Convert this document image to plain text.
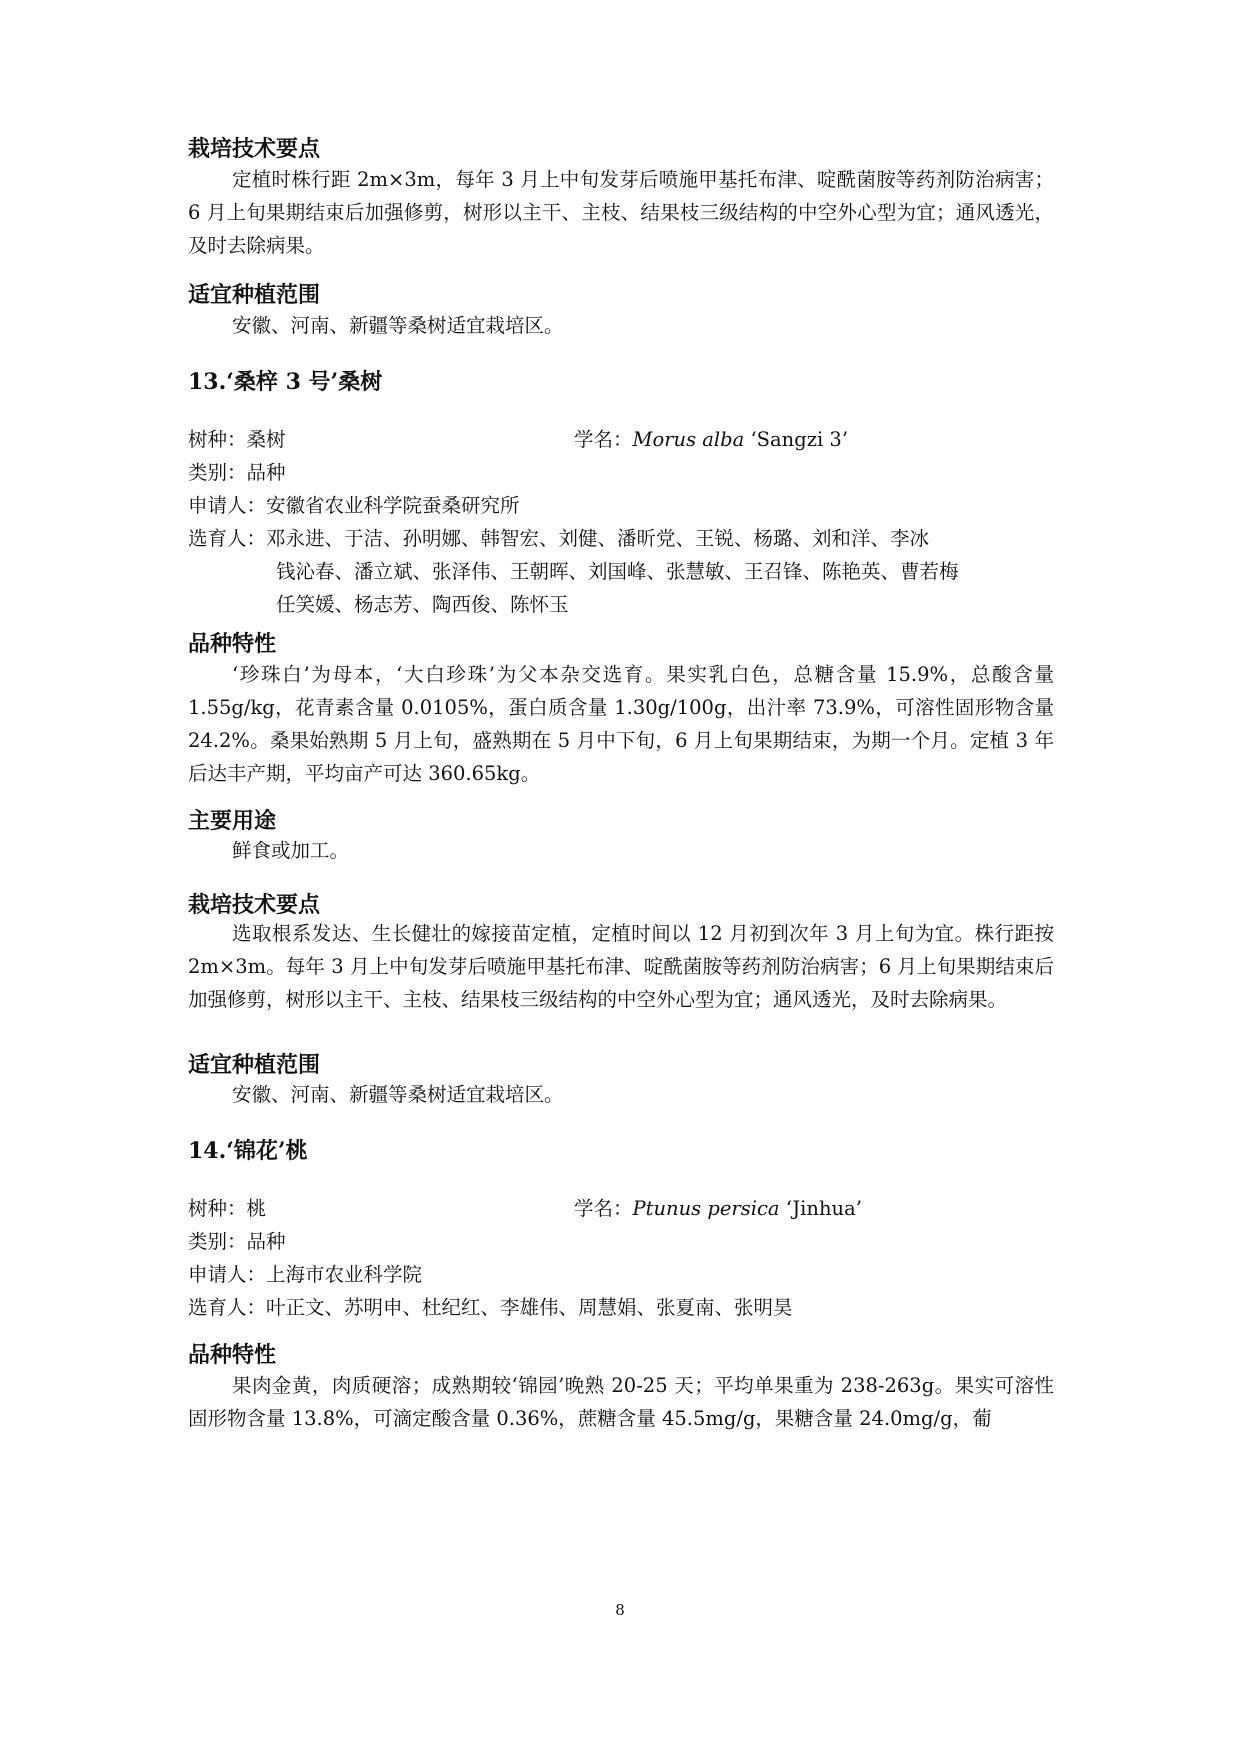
栽培技术要点

定植时株行距 2m×3m，每年 3 月上中旬发芽后喷施甲基托布津、啶酰菌胺等药剂防治病害；6 月上旬果期结束后加强修剪，树形以主干、主枝、结果枝三级结构的中空外心型为宜；通风透光，及时去除病果。

适宜种植范围

安徽、河南、新疆等桑树适宜栽培区。

13.‘桑梓 3 号’桑树
树种：桑树	学名：Morus alba ‘Sangzi 3’
类别：品种
申请人：安徽省农业科学院蚕桑研究所
选育人：邓永进、于洁、孙明娜、韩智宏、刘健、潘昕党、王锐、杨璐、刘和洋、李冰
钱沁春、潘立斌、张泽伟、王朝晖、刘国峰、张慧敏、王召锋、陈艳英、曹若梅
任笑媛、杨志芳、陶西俊、陈怀玉
品种特性

‘珍珠白’为母本，‘大白珍珠’为父本杂交选育。果实乳白色，总糖含量 15.9%，总酸含量 1.55g/kg，花青素含量 0.0105%，蛋白质含量 1.30g/100g，出汁率 73.9%，可溶性固形物含量 24.2%。桑果始熟期 5 月上旬，盛熟期在 5 月中下旬，6 月上旬果期结束，为期一个月。定植 3 年后达丰产期，平均亩产可达 360.65kg。

主要用途

鲜食或加工。

栽培技术要点

选取根系发达、生长健壮的嫁接苗定植，定植时间以 12 月初到次年 3 月上旬为宜。株行距按 2m×3m。每年 3 月上中旬发芽后喷施甲基托布津、啶酰菌胺等药剂防治病害；6 月上旬果期结束后加强修剪，树形以主干、主枝、结果枝三级结构的中空外心型为宜；通风透光，及时去除病果。

适宜种植范围

安徽、河南、新疆等桑树适宜栽培区。

14.‘锦花’桃
树种：桃	学名：Ptunus persica ‘Jinhua’
类别：品种
申请人：上海市农业科学院
选育人：叶正文、苏明申、杜纪红、李雄伟、周慧娟、张夏南、张明昊
品种特性

果肉金黄，肉质硬溶；成熟期较‘锦园’晚熟 20-25 天；平均单果重为 238-263g。果实可溶性固形物含量 13.8%，可滴定酸含量 0.36%，蔗糖含量 45.5mg/g，果糖含量 24.0mg/g，葡

8
